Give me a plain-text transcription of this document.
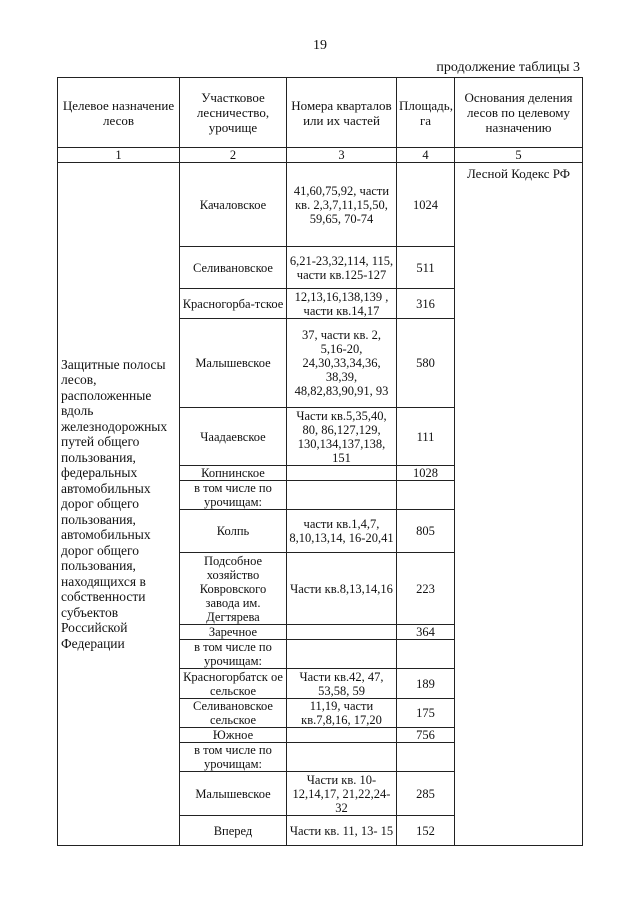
19
продолжение таблицы 3
Целевое назначение лесов	Участковое лесничество, урочище	Номера кварталов или их частей	Площадь, га	Основания деления лесов по целевому назначению
1	2	3	4	5
Защитные полосы лесов, расположенные вдоль железнодорожных путей общего пользования, федеральных автомобильных дорог общего пользования, автомобильных дорог общего пользования, находящихся в собственности субъектов Российской Федерации	Качаловское	41,60,75,92, части кв. 2,3,7,11,15,50, 59,65, 70-74	1024	Лесной Кодекс РФ
	Селивановское	6,21-23,32,114, 115, части кв.125-127	511	
	Красногорба-тское	12,13,16,138,139 , части кв.14,17	316	
	Малышевское	37, части кв. 2, 5,16-20, 24,30,33,34,36, 38,39, 48,82,83,90,91, 93	580	
	Чаадаевское	Части кв.5,35,40, 80, 86,127,129, 130,134,137,138, 151	111	
	Копнинское		1028	
	в том числе по урочищам:			
	Колпь	части кв.1,4,7, 8,10,13,14, 16-20,41	805	
	Подсобное хозяйство Ковровского завода им. Дегтярева	Части кв.8,13,14,16	223	
	Заречное		364	
	в том числе по урочищам:			
	Красногорбатск ое сельское	Части кв.42, 47, 53,58, 59	189	
	Селивановское сельское	11,19, части кв.7,8,16, 17,20	175	
	Южное		756	
	в том числе по урочищам:			
	Малышевское	Части кв. 10- 12,14,17, 21,22,24-32	285	
	Вперед	Части кв. 11, 13- 15	152	
